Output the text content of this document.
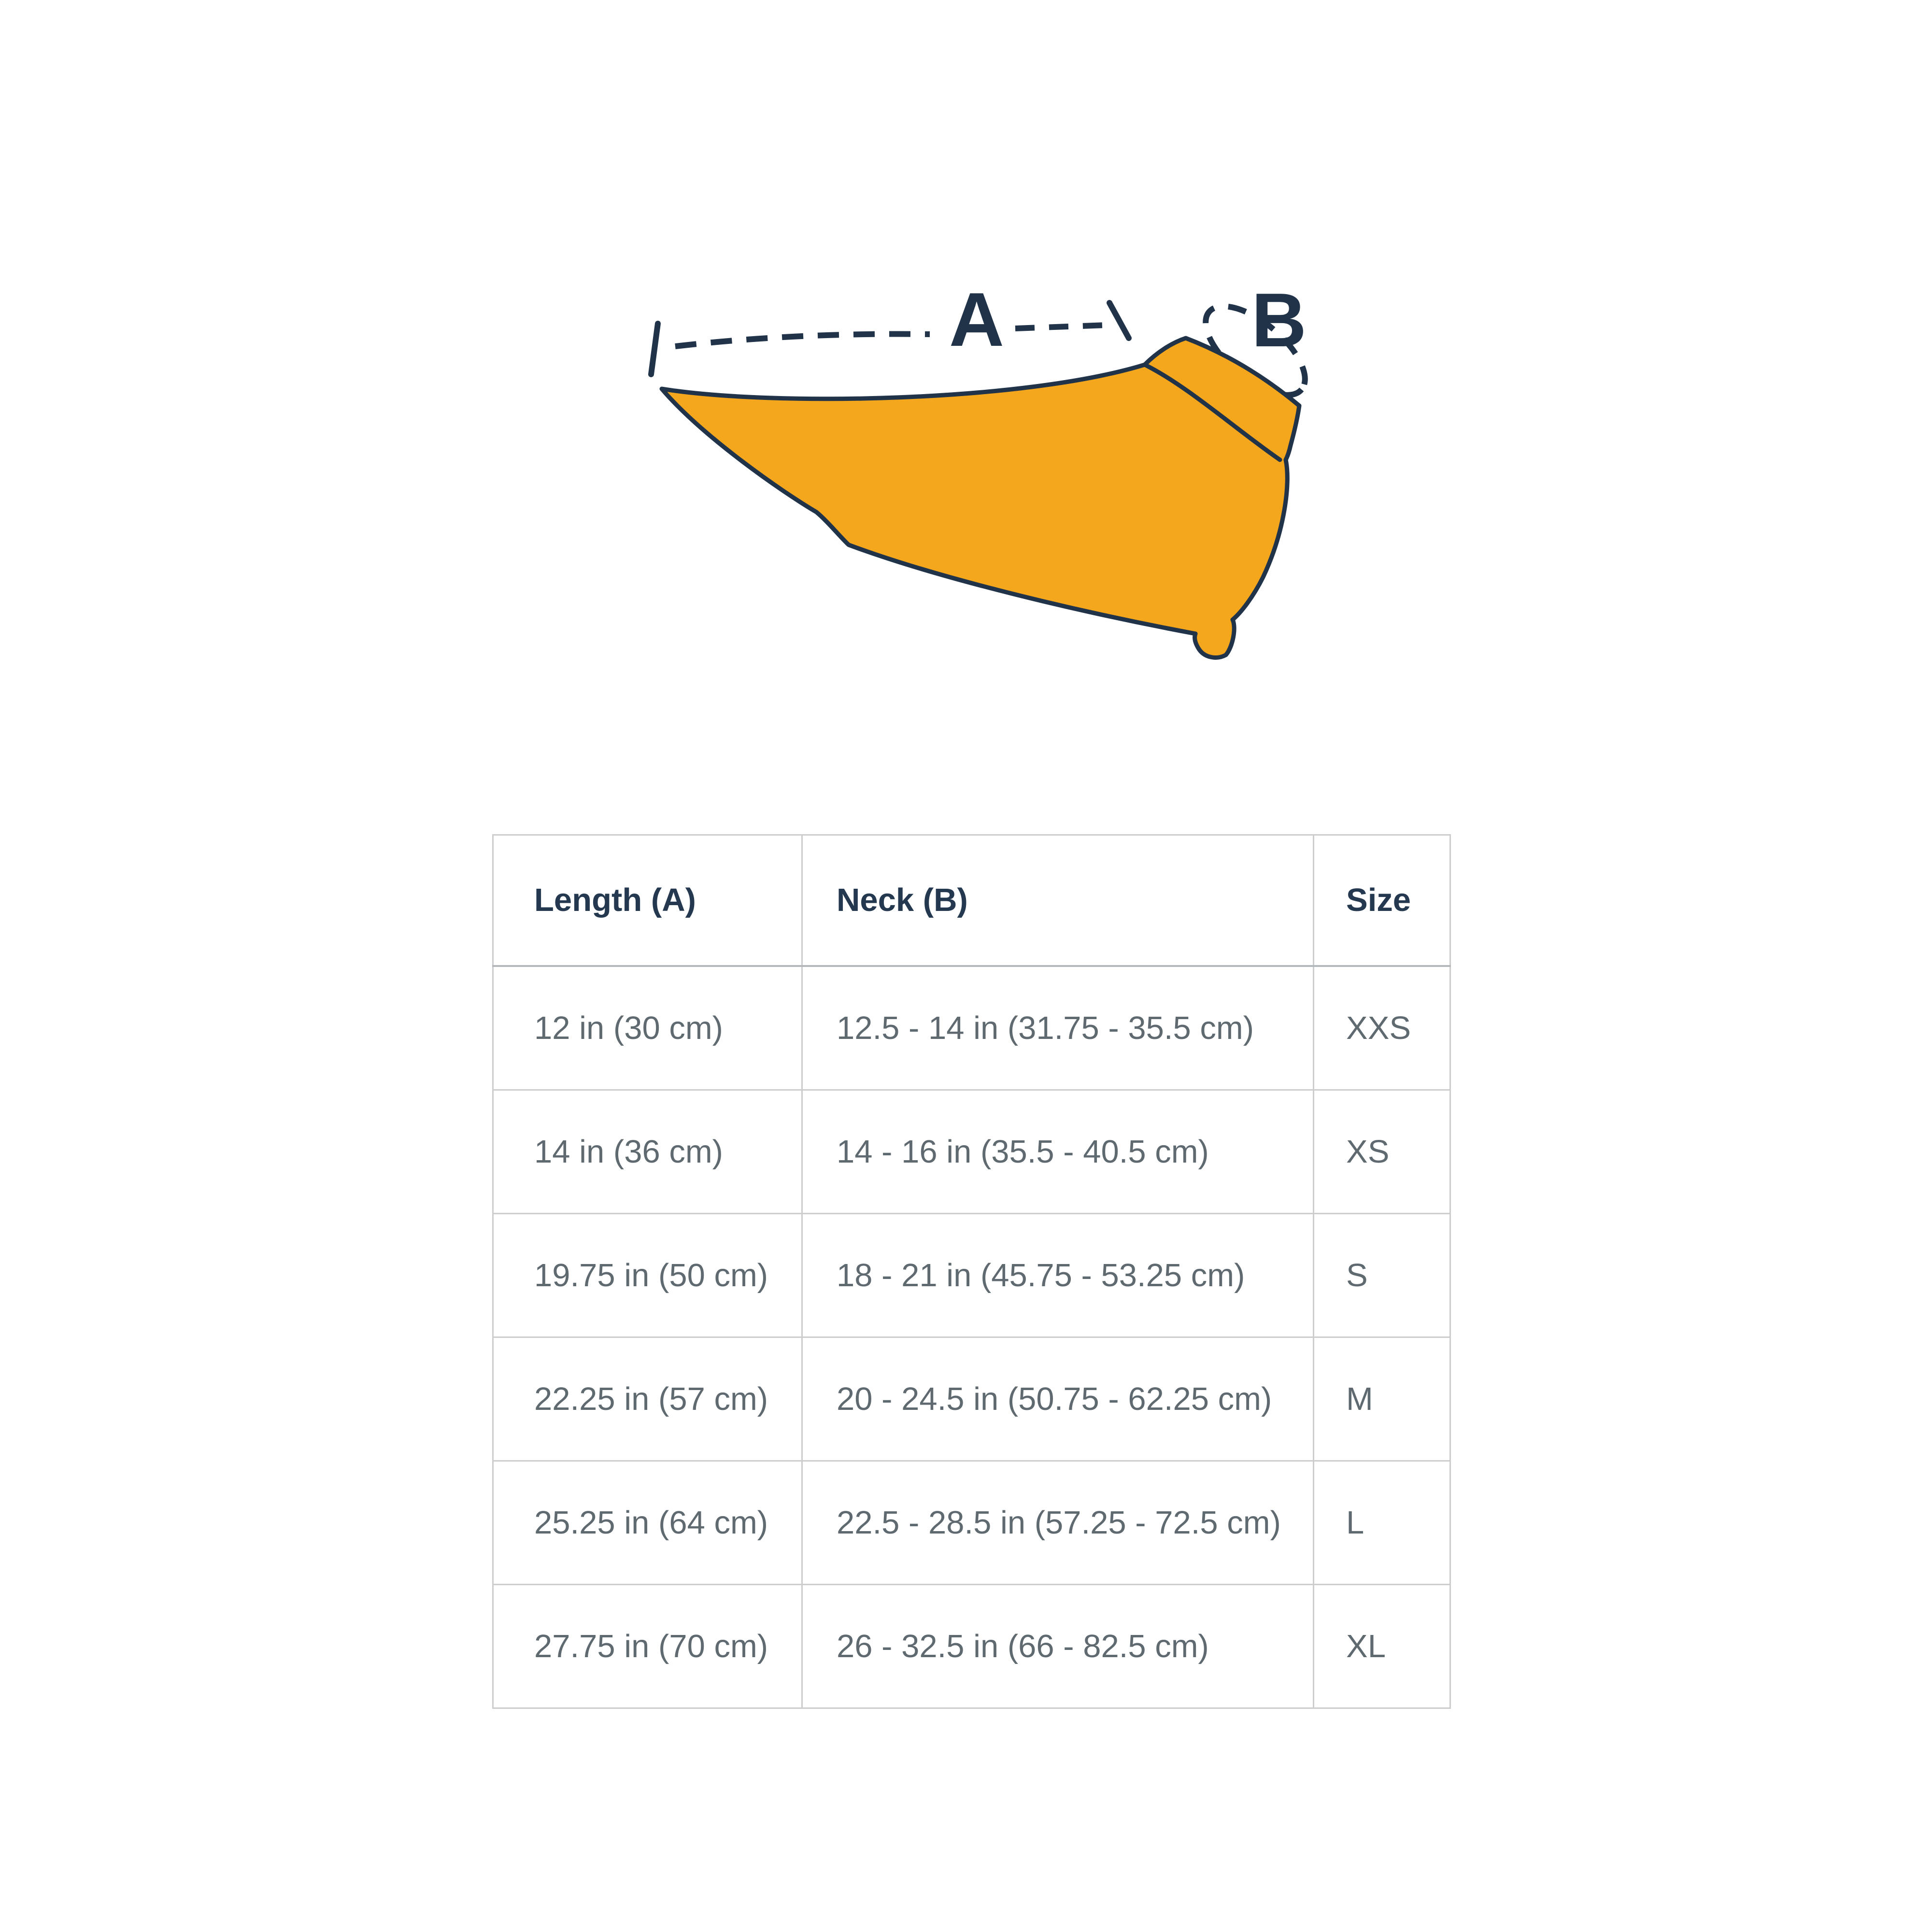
A	B
Length (A)	Neck (B)	Size
12 in (30 cm)	12.5 - 14 in (31.75 - 35.5 cm)	XXS
14 in (36 cm)	14 - 16 in (35.5 - 40.5 cm)	XS
19.75 in (50 cm)	18 - 21 in (45.75 - 53.25 cm)	S
22.25 in (57 cm)	20 - 24.5 in (50.75 - 62.25 cm)	M
25.25 in (64 cm)	22.5 - 28.5 in (57.25 - 72.5 cm)	L
27.75 in (70 cm)	26 - 32.5 in (66 - 82.5 cm)	XL
